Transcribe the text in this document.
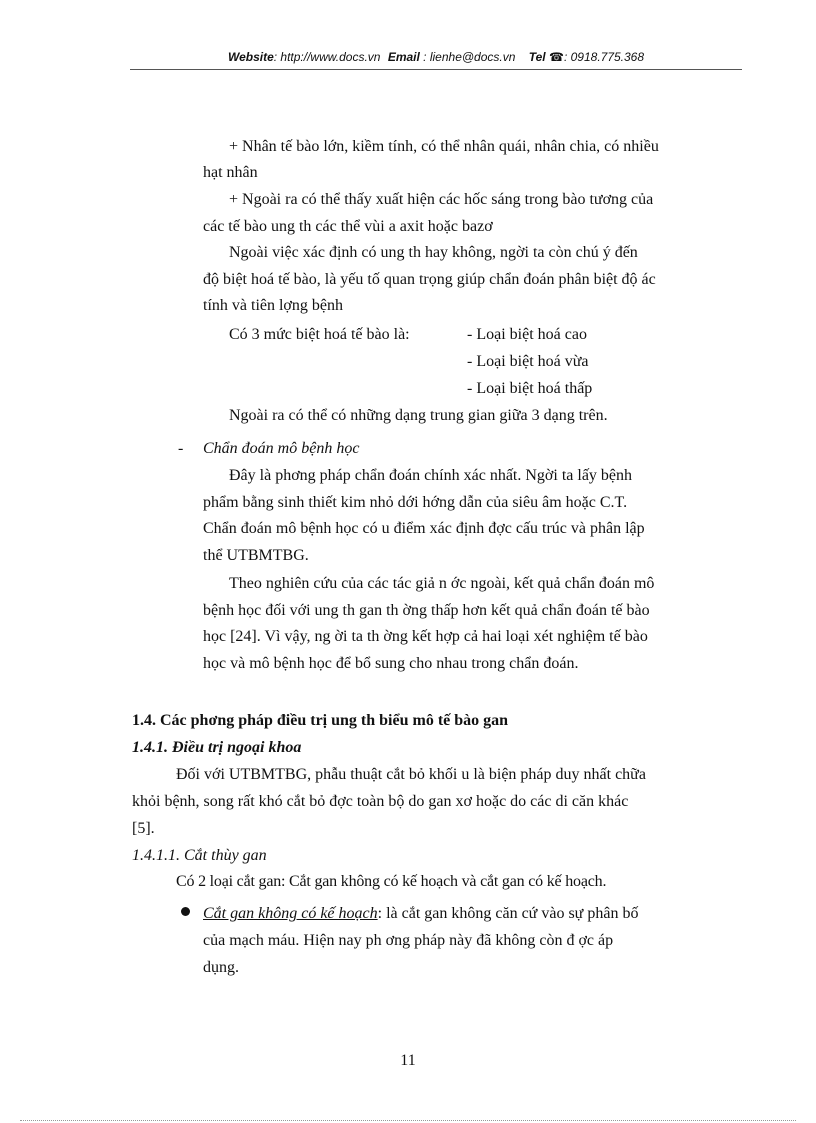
Website: http://www.docs.vn Email : lienhe@docs.vn Tel ☎: 0918.775.368
+ Nhân tế bào lớn, kiềm tính, có thể nhân quái, nhân chia, có nhiều
hạt nhân
+ Ngoài ra có thể thấy xuất hiện các hốc sáng trong bào tương của
các tế bào ung th các thể vùi a axit hoặc bazơ
Ngoài việc xác định có ung th hay không, ngời ta còn chú ý đến
độ biệt hoá tế bào, là yếu tố quan trọng giúp chẩn đoán phân biệt độ ác
tính và tiên lợng bệnh
Có 3 mức biệt hoá tế bào là:	- Loại biệt hoá cao
- Loại biệt hoá vừa
- Loại biệt hoá thấp
Ngoài ra có thể có những dạng trung gian giữa 3 dạng trên.
- Chẩn đoán mô bệnh học
Đây là phơng pháp chẩn đoán chính xác nhất. Ngời ta lấy bệnh
phẩm bằng sinh thiết kim nhỏ dới hớng dẫn của siêu âm hoặc C.T.
Chẩn đoán mô bệnh học có u điểm xác định đợc cấu trúc và phân lập
thể UTBMTBG.
Theo nghiên cứu của các tác giả n ớc ngoài, kết quả chẩn đoán mô
bệnh học đối với ung th gan th ờng thấp hơn kết quả chẩn đoán tế bào
học [24]. Vì vậy, ng ời ta th ờng kết hợp cả hai loại xét nghiệm tế bào
học và mô bệnh học để bổ sung cho nhau trong chẩn đoán.
1.4. Các phơng pháp điều trị ung th biểu mô tế bào gan
1.4.1. Điều trị ngoại khoa
Đối với UTBMTBG, phẫu thuật cắt bỏ khối u là biện pháp duy nhất chữa
khỏi bệnh, song rất khó cắt bỏ đợc toàn bộ do gan xơ hoặc do các di căn khác
[5].
1.4.1.1. Cắt thùy gan
Có 2 loại cắt gan: Cắt gan không có kế hoạch và cắt gan có kế hoạch.
Cắt gan không có kế hoạch: là cắt gan không căn cứ vào sự phân bố
của mạch máu. Hiện nay ph ơng pháp này đã không còn đ ợc áp
dụng.
11
